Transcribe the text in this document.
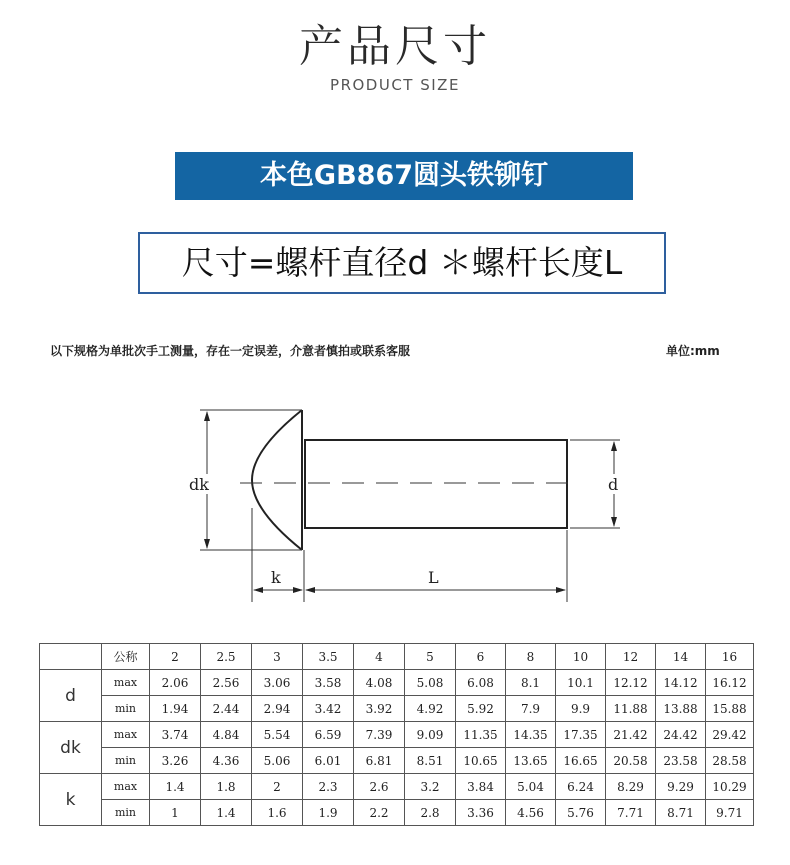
产品尺寸
PRODUCT SIZE
本色GB867圆头铁铆钉
尺寸=螺杆直径d ＊螺杆长度L
以下规格为单批次手工测量，存在一定误差，介意者慎拍或联系客服	单位:mm
dk	d
k	L
	公称	2	2.5	3	3.5	4	5	6	8	10	12	14	16
d	max	2.06	2.56	3.06	3.58	4.08	5.08	6.08	8.1	10.1	12.12	14.12	16.12
	min	1.94	2.44	2.94	3.42	3.92	4.92	5.92	7.9	9.9	11.88	13.88	15.88
dk	max	3.74	4.84	5.54	6.59	7.39	9.09	11.35	14.35	17.35	21.42	24.42	29.42
	min	3.26	4.36	5.06	6.01	6.81	8.51	10.65	13.65	16.65	20.58	23.58	28.58
k	max	1.4	1.8	2	2.3	2.6	3.2	3.84	5.04	6.24	8.29	9.29	10.29
	min	1	1.4	1.6	1.9	2.2	2.8	3.36	4.56	5.76	7.71	8.71	9.71
